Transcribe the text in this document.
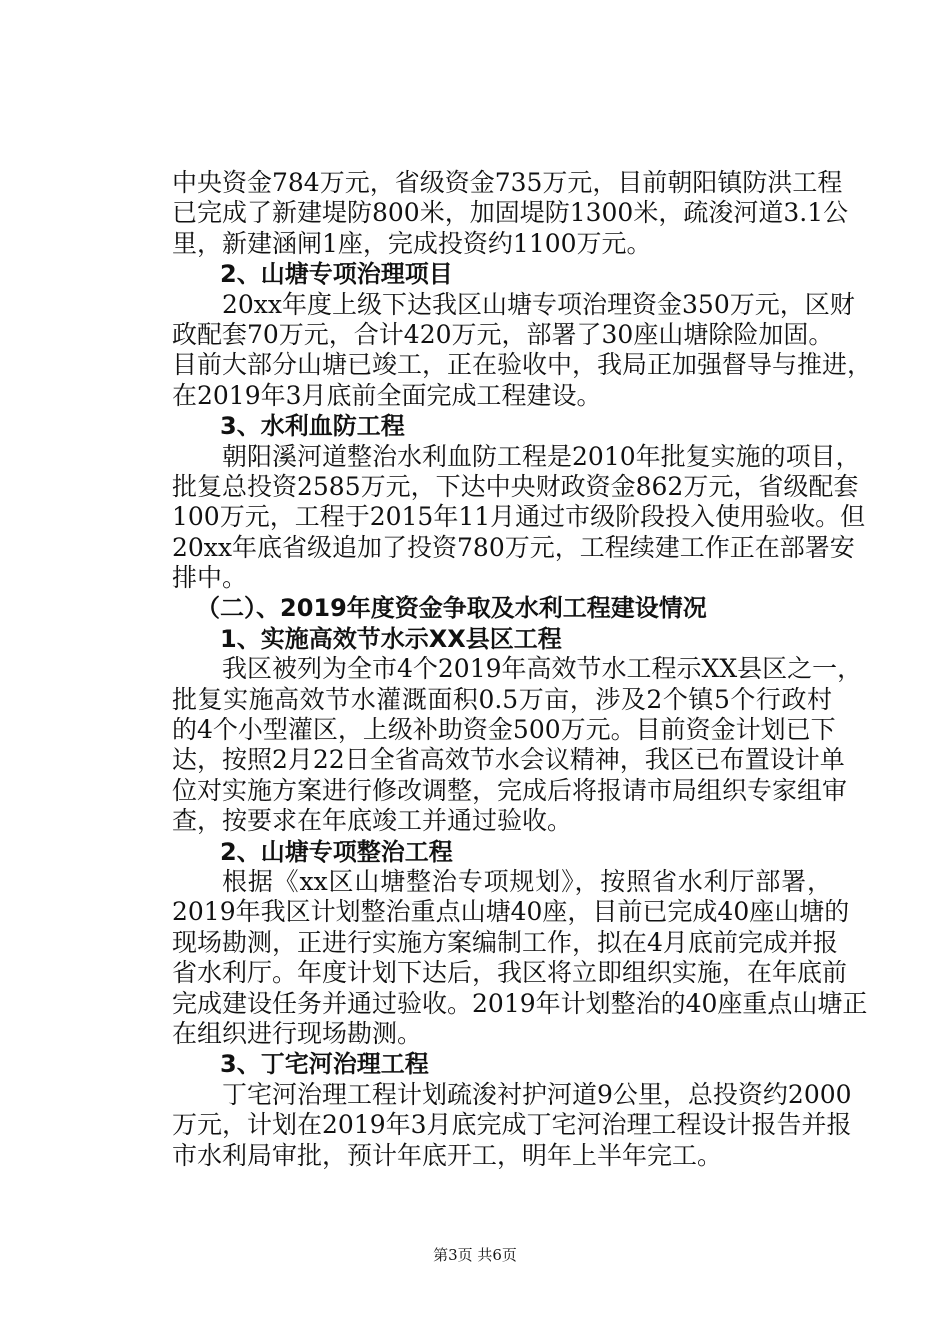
中央资金784万元，省级资金735万元，目前朝阳镇防洪工程
已完成了新建堤防800米，加固堤防1300米，疏浚河道3.1公
里，新建涵闸1座，完成投资约1100万元。
2、山塘专项治理项目
20xx年度上级下达我区山塘专项治理资金350万元，区财
政配套70万元，合计420万元，部署了30座山塘除险加固。
目前大部分山塘已竣工，正在验收中，我局正加强督导与推进，
在2019年3月底前全面完成工程建设。
3、水利血防工程
朝阳溪河道整治水利血防工程是2010年批复实施的项目，
批复总投资2585万元，下达中央财政资金862万元，省级配套
100万元，工程于2015年11月通过市级阶段投入使用验收。但
20xx年底省级追加了投资780万元，工程续建工作正在部署安
排中。
（二）、2019年度资金争取及水利工程建设情况
1、实施高效节水示XX县区工程
我区被列为全市4个2019年高效节水工程示XX县区之一，
批复实施高效节水灌溉面积0.5万亩，涉及2个镇5个行政村
的4个小型灌区，上级补助资金500万元。目前资金计划已下
达，按照2月22日全省高效节水会议精神，我区已布置设计单
位对实施方案进行修改调整，完成后将报请市局组织专家组审
查，按要求在年底竣工并通过验收。
2、山塘专项整治工程
根据《xx区山塘整治专项规划》，按照省水利厅部署，
2019年我区计划整治重点山塘40座，目前已完成40座山塘的
现场勘测，正进行实施方案编制工作，拟在4月底前完成并报
省水利厅。年度计划下达后，我区将立即组织实施，在年底前
完成建设任务并通过验收。2019年计划整治的40座重点山塘正
在组织进行现场勘测。
3、丁宅河治理工程
丁宅河治理工程计划疏浚衬护河道9公里，总投资约2000
万元，计划在2019年3月底完成丁宅河治理工程设计报告并报
市水利局审批，预计年底开工，明年上半年完工。
第3页 共6页
